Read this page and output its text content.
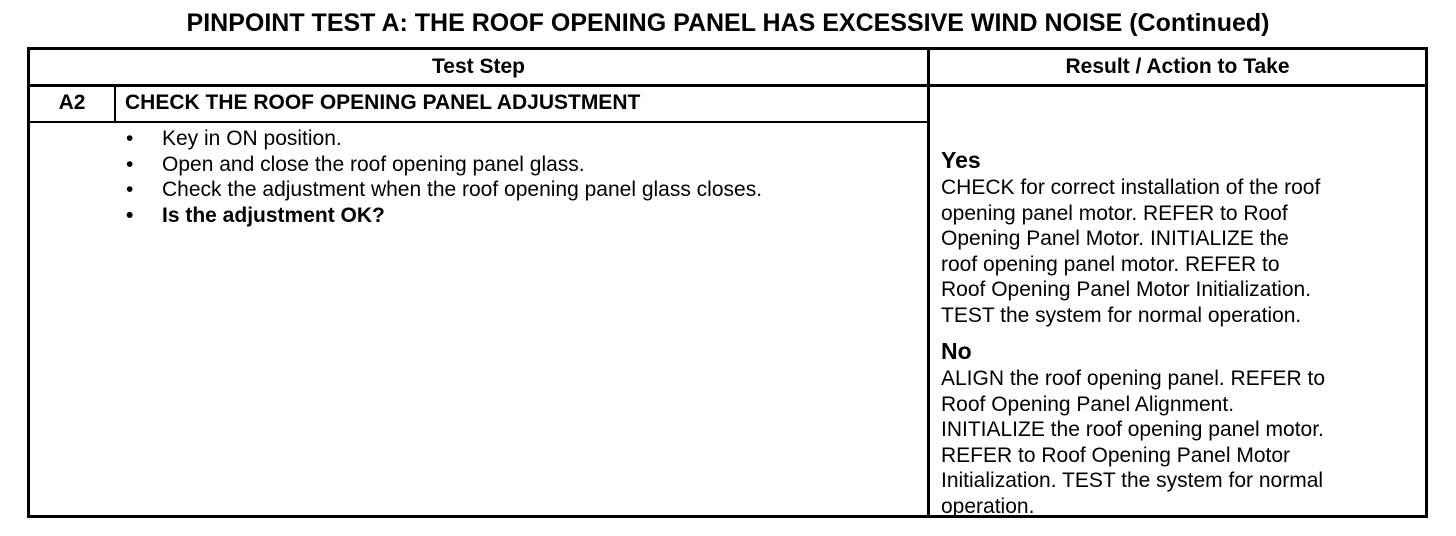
PINPOINT TEST A: THE ROOF OPENING PANEL HAS EXCESSIVE WIND NOISE (Continued)
Test Step	Result / Action to Take
A2	CHECK THE ROOF OPENING PANEL ADJUSTMENT
• Key in ON position.
• Open and close the roof opening panel glass.
• Check the adjustment when the roof opening panel glass closes.
• Is the adjustment OK?
Yes
CHECK for correct installation of the roof
opening panel motor. REFER to Roof
Opening Panel Motor. INITIALIZE the
roof opening panel motor. REFER to
Roof Opening Panel Motor Initialization.
TEST the system for normal operation.
No
ALIGN the roof opening panel. REFER to
Roof Opening Panel Alignment.
INITIALIZE the roof opening panel motor.
REFER to Roof Opening Panel Motor
Initialization. TEST the system for normal
operation.
